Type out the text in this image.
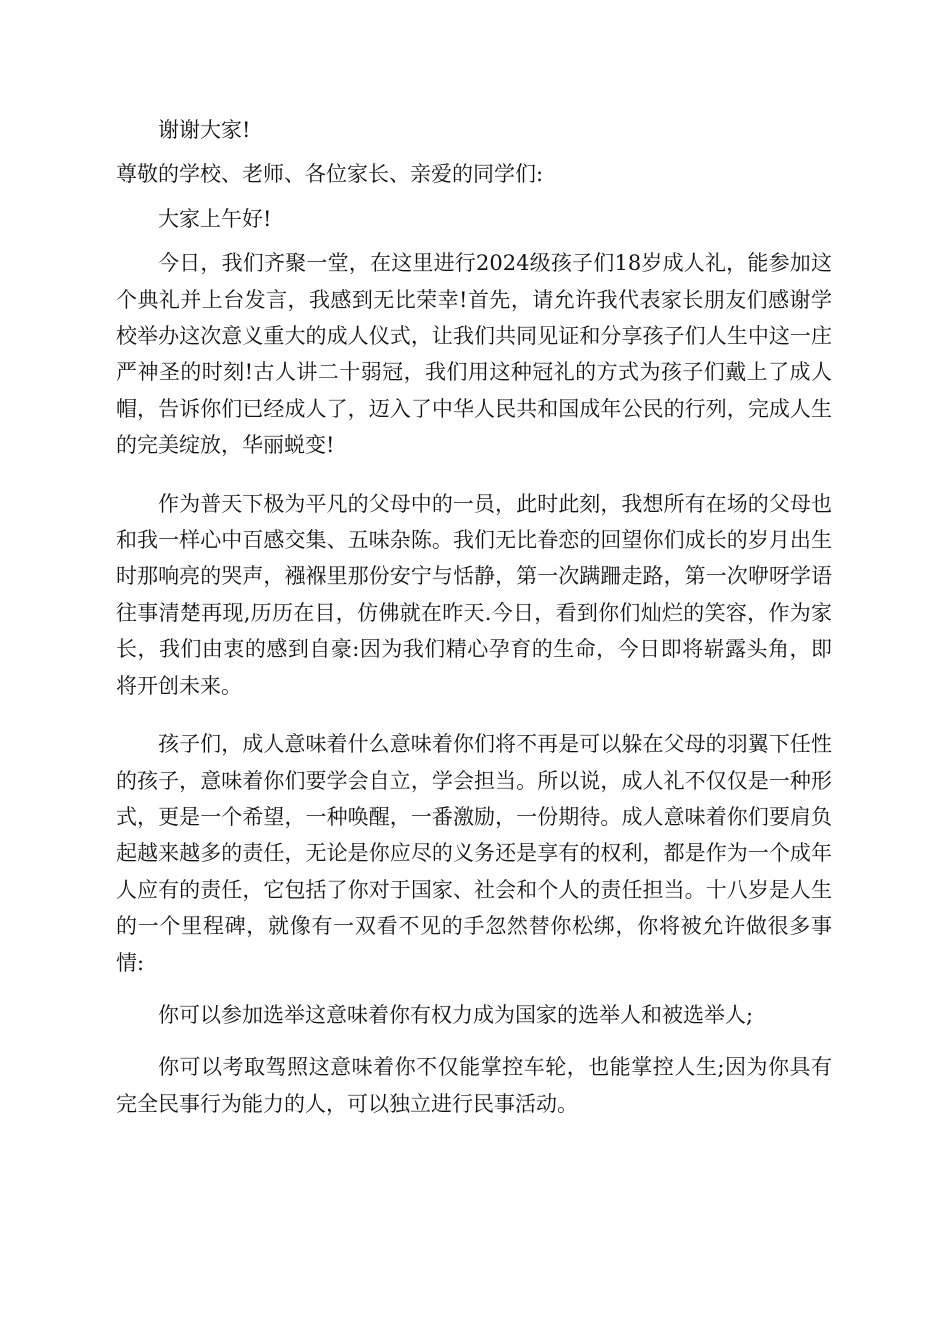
谢谢大家!

尊敬的学校、老师、各位家长、亲爱的同学们:

大家上午好!

今日，我们齐聚一堂，在这里进行2024级孩子们18岁成人礼，能参加这个典礼并上台发言，我感到无比荣幸!首先，请允许我代表家长朋友们感谢学校举办这次意义重大的成人仪式，让我们共同见证和分享孩子们人生中这一庄严神圣的时刻!古人讲二十弱冠，我们用这种冠礼的方式为孩子们戴上了成人帽，告诉你们已经成人了，迈入了中华人民共和国成年公民的行列，完成人生的完美绽放，华丽蜕变!

作为普天下极为平凡的父母中的一员，此时此刻，我想所有在场的父母也和我一样心中百感交集、五味杂陈。我们无比眷恋的回望你们成长的岁月出生时那响亮的哭声，襁褓里那份安宁与恬静，第一次蹒跚走路，第一次咿呀学语往事清楚再现,历历在目，仿佛就在昨天.今日，看到你们灿烂的笑容，作为家长，我们由衷的感到自豪:因为我们精心孕育的生命，今日即将崭露头角，即将开创未来。

孩子们，成人意味着什么意味着你们将不再是可以躲在父母的羽翼下任性的孩子，意味着你们要学会自立，学会担当。所以说，成人礼不仅仅是一种形式，更是一个希望，一种唤醒，一番激励，一份期待。成人意味着你们要肩负起越来越多的责任，无论是你应尽的义务还是享有的权利，都是作为一个成年人应有的责任，它包括了你对于国家、社会和个人的责任担当。十八岁是人生的一个里程碑，就像有一双看不见的手忽然替你松绑，你将被允许做很多事情:

你可以参加选举这意味着你有权力成为国家的选举人和被选举人;

你可以考取驾照这意味着你不仅能掌控车轮，也能掌控人生;因为你具有完全民事行为能力的人，可以独立进行民事活动。
